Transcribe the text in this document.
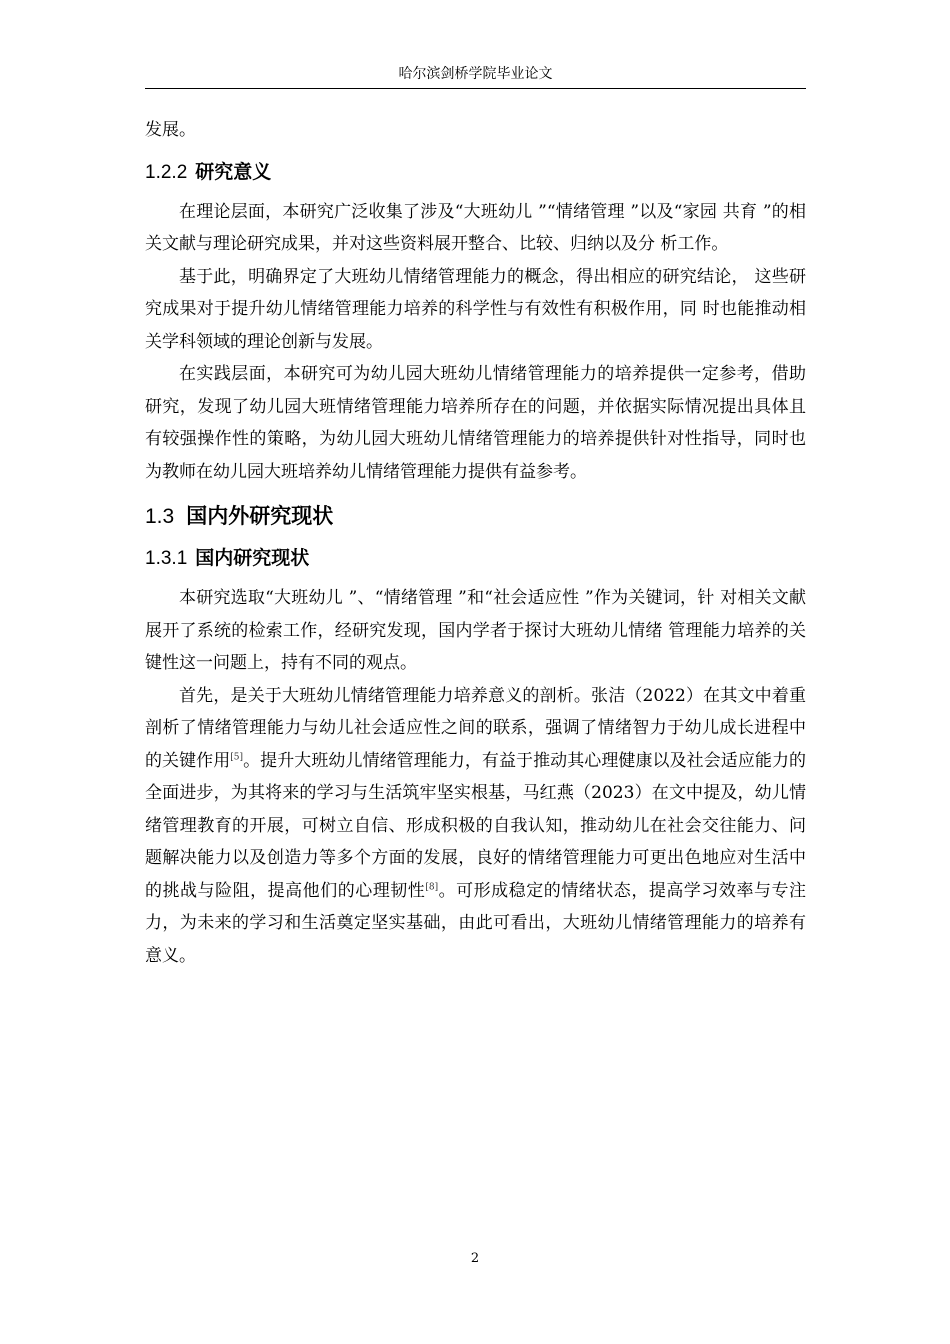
哈尔滨剑桥学院毕业论文

发展。

1.2.2 研究意义

在理论层面，本研究广泛收集了涉及“大班幼儿 ”“情绪管理 ”以及“家园 共育 ”的相关文献与理论研究成果，并对这些资料展开整合、比较、归纳以及分 析工作。

基于此，明确界定了大班幼儿情绪管理能力的概念，得出相应的研究结论， 这些研究成果对于提升幼儿情绪管理能力培养的科学性与有效性有积极作用，同 时也能推动相关学科领域的理论创新与发展。

在实践层面，本研究可为幼儿园大班幼儿情绪管理能力的培养提供一定参考，借助研究，发现了幼儿园大班情绪管理能力培养所存在的问题，并依据实际情况提出具体且有较强操作性的策略，为幼儿园大班幼儿情绪管理能力的培养提供针对性指导，同时也为教师在幼儿园大班培养幼儿情绪管理能力提供有益参考。

1.3 国内外研究现状
1.3.1 国内研究现状

本研究选取“大班幼儿 ”、“情绪管理 ”和“社会适应性 ”作为关键词，针 对相关文献展开了系统的检索工作，经研究发现，国内学者于探讨大班幼儿情绪 管理能力培养的关键性这一问题上，持有不同的观点。

首先，是关于大班幼儿情绪管理能力培养意义的剖析。张洁（2022）在其文中着重剖析了情绪管理能力与幼儿社会适应性之间的联系，强调了情绪智力于幼儿成长进程中的关键作用[5]。提升大班幼儿情绪管理能力，有益于推动其心理健康以及社会适应能力的全面进步，为其将来的学习与生活筑牢坚实根基，马红燕（2023）在文中提及，幼儿情绪管理教育的开展，可树立自信、形成积极的自我认知，推动幼儿在社会交往能力、问题解决能力以及创造力等多个方面的发展，良好的情绪管理能力可更出色地应对生活中的挑战与险阻，提高他们的心理韧性[8]。可形成稳定的情绪状态，提高学习效率与专注力，为未来的学习和生活奠定坚实基础，由此可看出，大班幼儿情绪管理能力的培养有意义。

2
